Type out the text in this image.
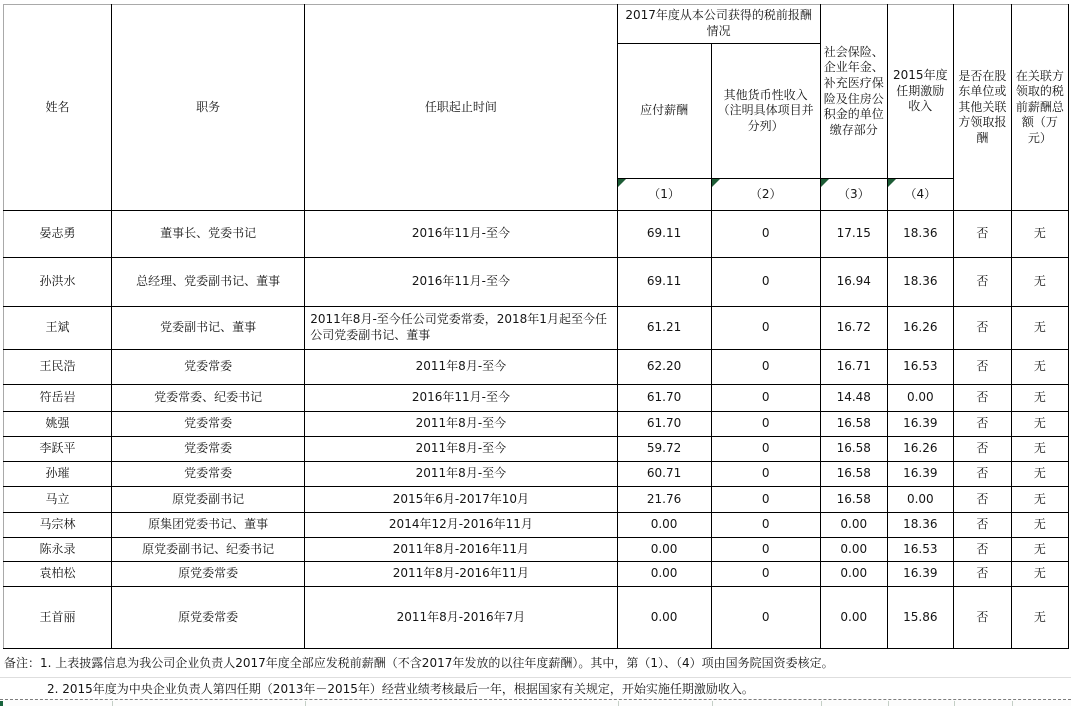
姓名	职务	任职起止时间	2017年度从本公司获得的税前报酬情况		社会保险、企业年金、补充医疗保险及住房公积金的单位缴存部分	2015年度任期激励收入	是否在股东单位或其他关联方领取报酬	在关联方领取的税前薪酬总额（万元）
			应付薪酬	其他货币性收入（注明具体项目并分列）				

（1）	（2）	（3）	（4）		
晏志勇	董事长、党委书记	2016年11月-至今	69.11	0	17.15	18.36	否	无
孙洪水	总经理、党委副书记、董事	2016年11月-至今	69.11	0	16.94	18.36	否	无
王斌	党委副书记、董事	2011年8月-至今任公司党委常委，2018年1月起至今任公司党委副书记、董事	61.21	0	16.72	16.26	否	无
王民浩	党委常委	2011年8月-至今	62.20	0	16.71	16.53	否	无
符岳岩	党委常委、纪委书记	2016年11月-至今	61.70	0	14.48	0.00	否	无
姚强	党委常委	2011年8月-至今	61.70	0	16.58	16.39	否	无
李跃平	党委常委	2011年8月-至今	59.72	0	16.58	16.26	否	无
孙璀	党委常委	2011年8月-至今	60.71	0	16.58	16.39	否	无
马立	原党委副书记	2015年6月-2017年10月	21.76	0	16.58	0.00	否	无
马宗林	原集团党委书记、董事	2014年12月-2016年11月	0.00	0	0.00	18.36	否	无
陈永录	原党委副书记、纪委书记	2011年8月-2016年11月	0.00	0	0.00	16.53	否	无
袁柏松	原党委常委	2011年8月-2016年11月	0.00	0	0.00	16.39	否	无
王首丽	原党委常委	2011年8月-2016年7月	0.00	0	0.00	15.86	否	无
备注：1. 上表披露信息为我公司企业负责人2017年度全部应发税前薪酬（不含2017年发放的以往年度薪酬）。其中，第（1）、（4）项由国务院国资委核定。
2. 2015年度为中央企业负责人第四任期（2013年－2015年）经营业绩考核最后一年，根据国家有关规定，开始实施任期激励收入。
